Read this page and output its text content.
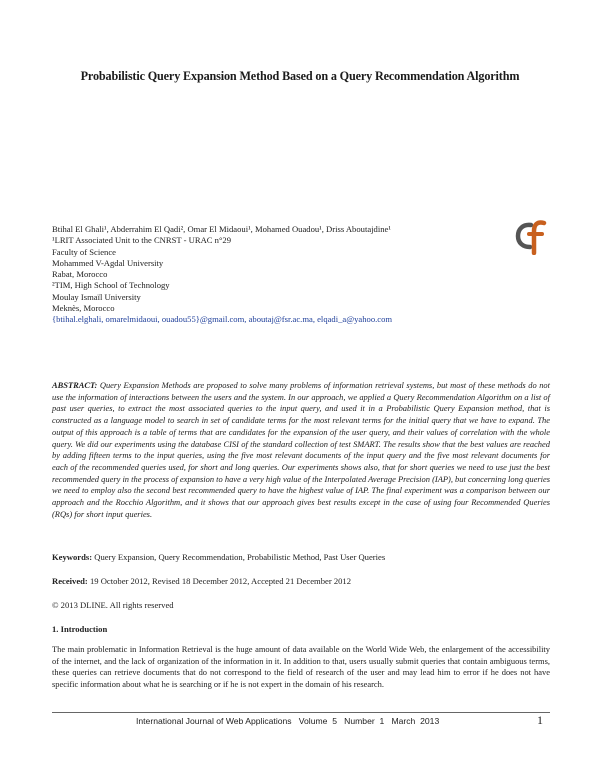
Probabilistic Query Expansion Method Based on a Query Recommendation Algorithm
Btihal El Ghali¹, Abderrahim El Qadi², Omar El Midaoui¹, Mohamed Ouadou¹, Driss Aboutajdine¹
¹LRIT Associated Unit to the CNRST - URAC n°29
Faculty of Science
Mohammed V-Agdal University
Rabat, Morocco
²TIM, High School of Technology
Moulay Ismaïl University
Meknès, Morocco
{btihal.elghali, omarelmidaoui, ouadou55}@gmail.com, aboutaj@fsr.ac.ma, elqadi_a@yahoo.com
ABSTRACT: Query Expansion Methods are proposed to solve many problems of information retrieval systems, but most of these methods do not use the information of interactions between the users and the system. In our approach, we applied a Query Recommendation Algorithm on a list of past user queries, to extract the most associated queries to the input query, and used it in a Probabilistic Query Expansion method, that is constructed as a language model to search in set of candidate terms for the most relevant terms for the initial query that we have to expand. The output of this approach is a table of terms that are candidates for the expansion of the user query, and their values of correlation with the whole query. We did our experiments using the database CISI of the standard collection of test SMART. The results show that the best values are reached by adding fifteen terms to the input queries, using the five most relevant documents of the input query and the five most relevant documents for each of the recommended queries used, for short and long queries. Our experiments shows also, that for short queries we need to use just the best recommended query in the process of expansion to have a very high value of the Interpolated Average Precision (IAP), but concerning long queries we need to employ also the second best recommended query to have the highest value of IAP. The final experiment was a comparison between our approach and the Rocchio Algorithm, and it shows that our approach gives best results except in the case of using four Recommended Queries (RQs) for short input queries.
Keywords: Query Expansion, Query Recommendation, Probabilistic Method, Past User Queries
Received: 19 October 2012, Revised 18 December 2012, Accepted 21 December 2012
© 2013 DLINE. All rights reserved
1. Introduction
The main problematic in Information Retrieval is the huge amount of data available on the World Wide Web, the enlargement of the accessibility of the internet, and the lack of organization of the information in it. In addition to that, users usually submit queries that contain ambiguous terms, these queries can retrieve documents that do not correspond to the field of research of the user and may lead him to error if he does not have specific information about what he is searching or if he is not expert in the domain of his research.
International Journal of Web Applications Volume  5 Number  1 March  2013	1
